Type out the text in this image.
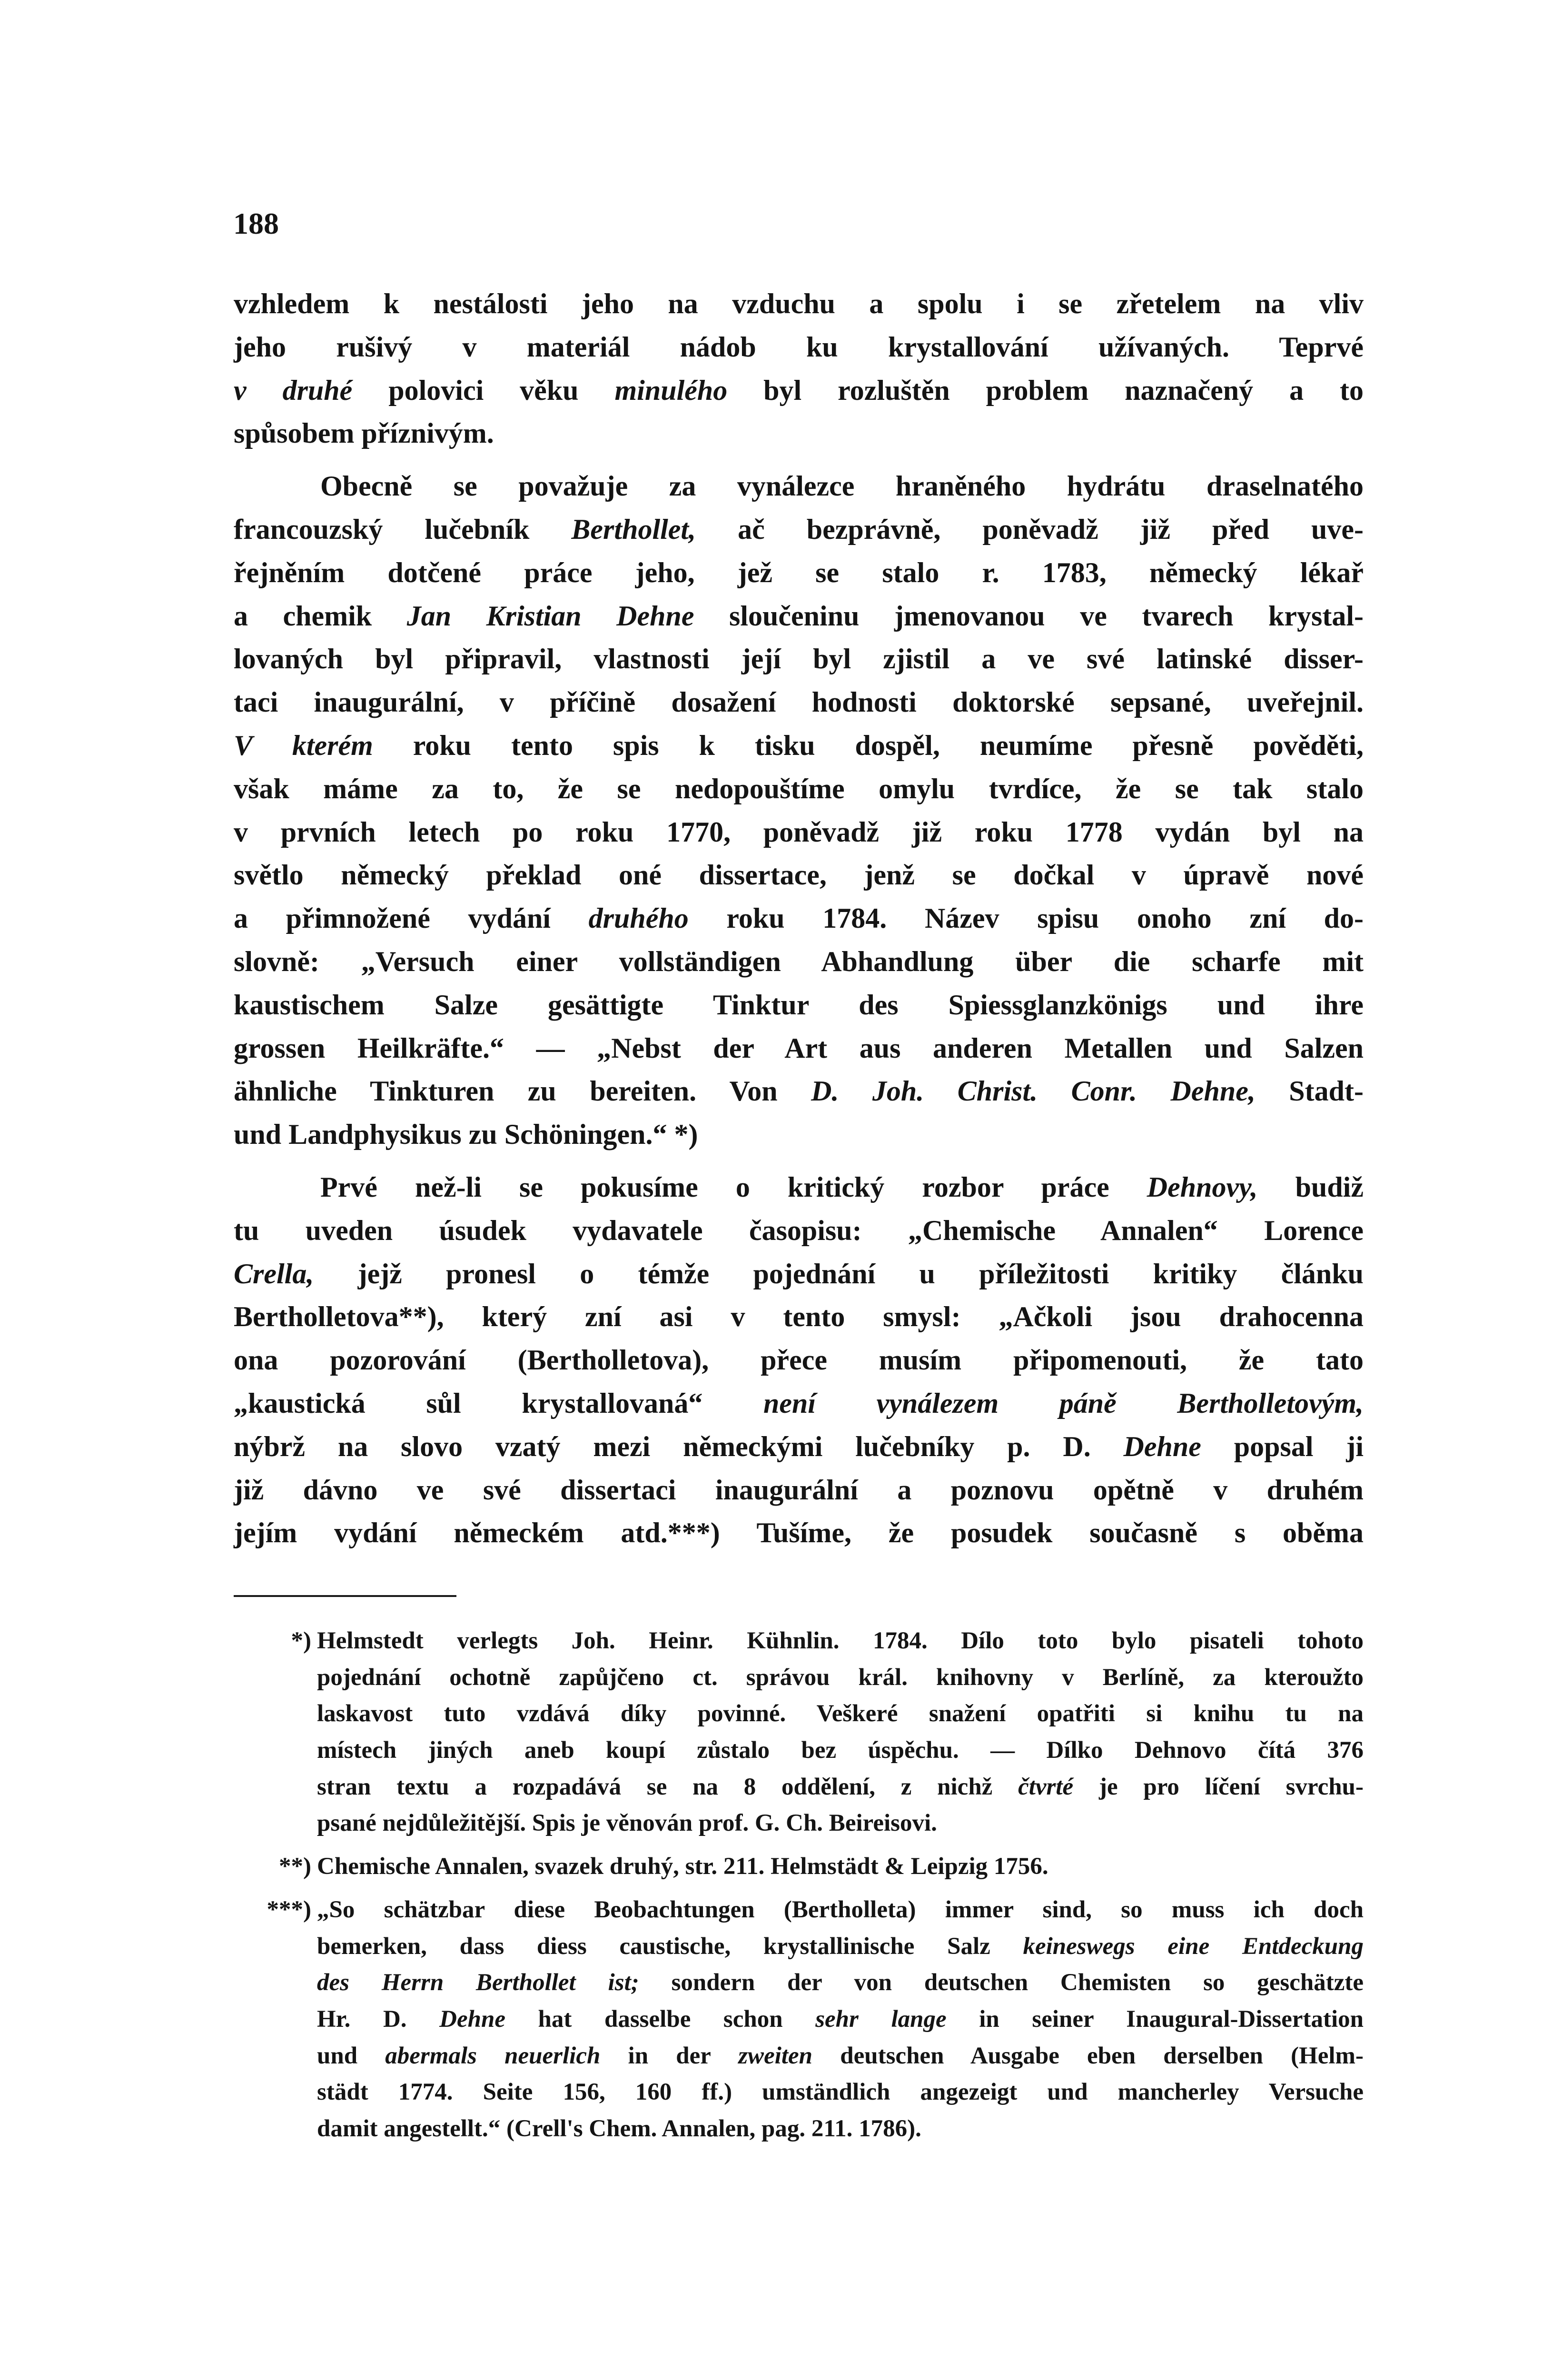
188
vzhledem k nestálosti jeho na vzduchu a spolu i se zřetelem na vliv
jeho rušivý v materiál nádob ku krystallování užívaných. Teprvé
v druhé polovici věku minulého byl rozluštěn problem naznačený a to
spůsobem příznivým.
Obecně se považuje za vynálezce hraněného hydrátu draselnatého
francouzský lučebník Berthollet, ač bezprávně, poněvadž již před uve-
řejněním dotčené práce jeho, jež se stalo r. 1783, německý lékař
a chemik Jan Kristian Dehne sloučeninu jmenovanou ve tvarech krystal-
lovaných byl připravil, vlastnosti její byl zjistil a ve své latinské disser-
taci inaugurální, v příčině dosažení hodnosti doktorské sepsané, uveřejnil.
V kterém roku tento spis k tisku dospěl, neumíme přesně pověděti,
však máme za to, že se nedopouštíme omylu tvrdíce, že se tak stalo
v prvních letech po roku 1770, poněvadž již roku 1778 vydán byl na
světlo německý překlad oné dissertace, jenž se dočkal v úpravě nové
a přimnožené vydání druhého roku 1784. Název spisu onoho zní do-
slovně: „Versuch einer vollständigen Abhandlung über die scharfe mit
kaustischem Salze gesättigte Tinktur des Spiessglanzkönigs und ihre
grossen Heilkräfte.“ — „Nebst der Art aus anderen Metallen und Salzen
ähnliche Tinkturen zu bereiten. Von D. Joh. Christ. Conr. Dehne, Stadt-
und Landphysikus zu Schöningen.“ *)
Prvé než-li se pokusíme o kritický rozbor práce Dehnovy, budiž
tu uveden úsudek vydavatele časopisu: „Chemische Annalen“ Lorence
Crella, jejž pronesl o témže pojednání u příležitosti kritiky článku
Bertholletova**), který zní asi v tento smysl: „Ačkoli jsou drahocenna
ona pozorování (Bertholletova), přece musím připomenouti, že tato
„kaustická sůl krystallovaná“ není vynálezem páně Bertholletovým,
nýbrž na slovo vzatý mezi německými lučebníky p. D. Dehne popsal ji
již dávno ve své dissertaci inaugurální a poznovu opětně v druhém
jejím vydání německém atd.***) Tušíme, že posudek současně s oběma
*) Helmstedt verlegts Joh. Heinr. Kühnlin. 1784. Dílo toto bylo pisateli tohoto
pojednání ochotně zapůjčeno ct. správou král. knihovny v Berlíně, za kteroužto
laskavost tuto vzdává díky povinné. Veškeré snažení opatřiti si knihu tu na
místech jiných aneb koupí zůstalo bez úspěchu. — Dílko Dehnovo čítá 376
stran textu a rozpadává se na 8 oddělení, z nichž čtvrté je pro líčení svrchu-
psané nejdůležitější. Spis je věnován prof. G. Ch. Beireisovi.
**) Chemische Annalen, svazek druhý, str. 211. Helmstädt & Leipzig 1756.
***) „So schätzbar diese Beobachtungen (Bertholleta) immer sind, so muss ich doch
bemerken, dass diess caustische, krystallinische Salz keineswegs eine Entdeckung
des Herrn Berthollet ist; sondern der von deutschen Chemisten so geschätzte
Hr. D. Dehne hat dasselbe schon sehr lange in seiner Inaugural-Dissertation
und abermals neuerlich in der zweiten deutschen Ausgabe eben derselben (Helm-
städt 1774. Seite 156, 160 ff.) umständlich angezeigt und mancherley Versuche
damit angestellt.“ (Crell's Chem. Annalen, pag. 211. 1786).
